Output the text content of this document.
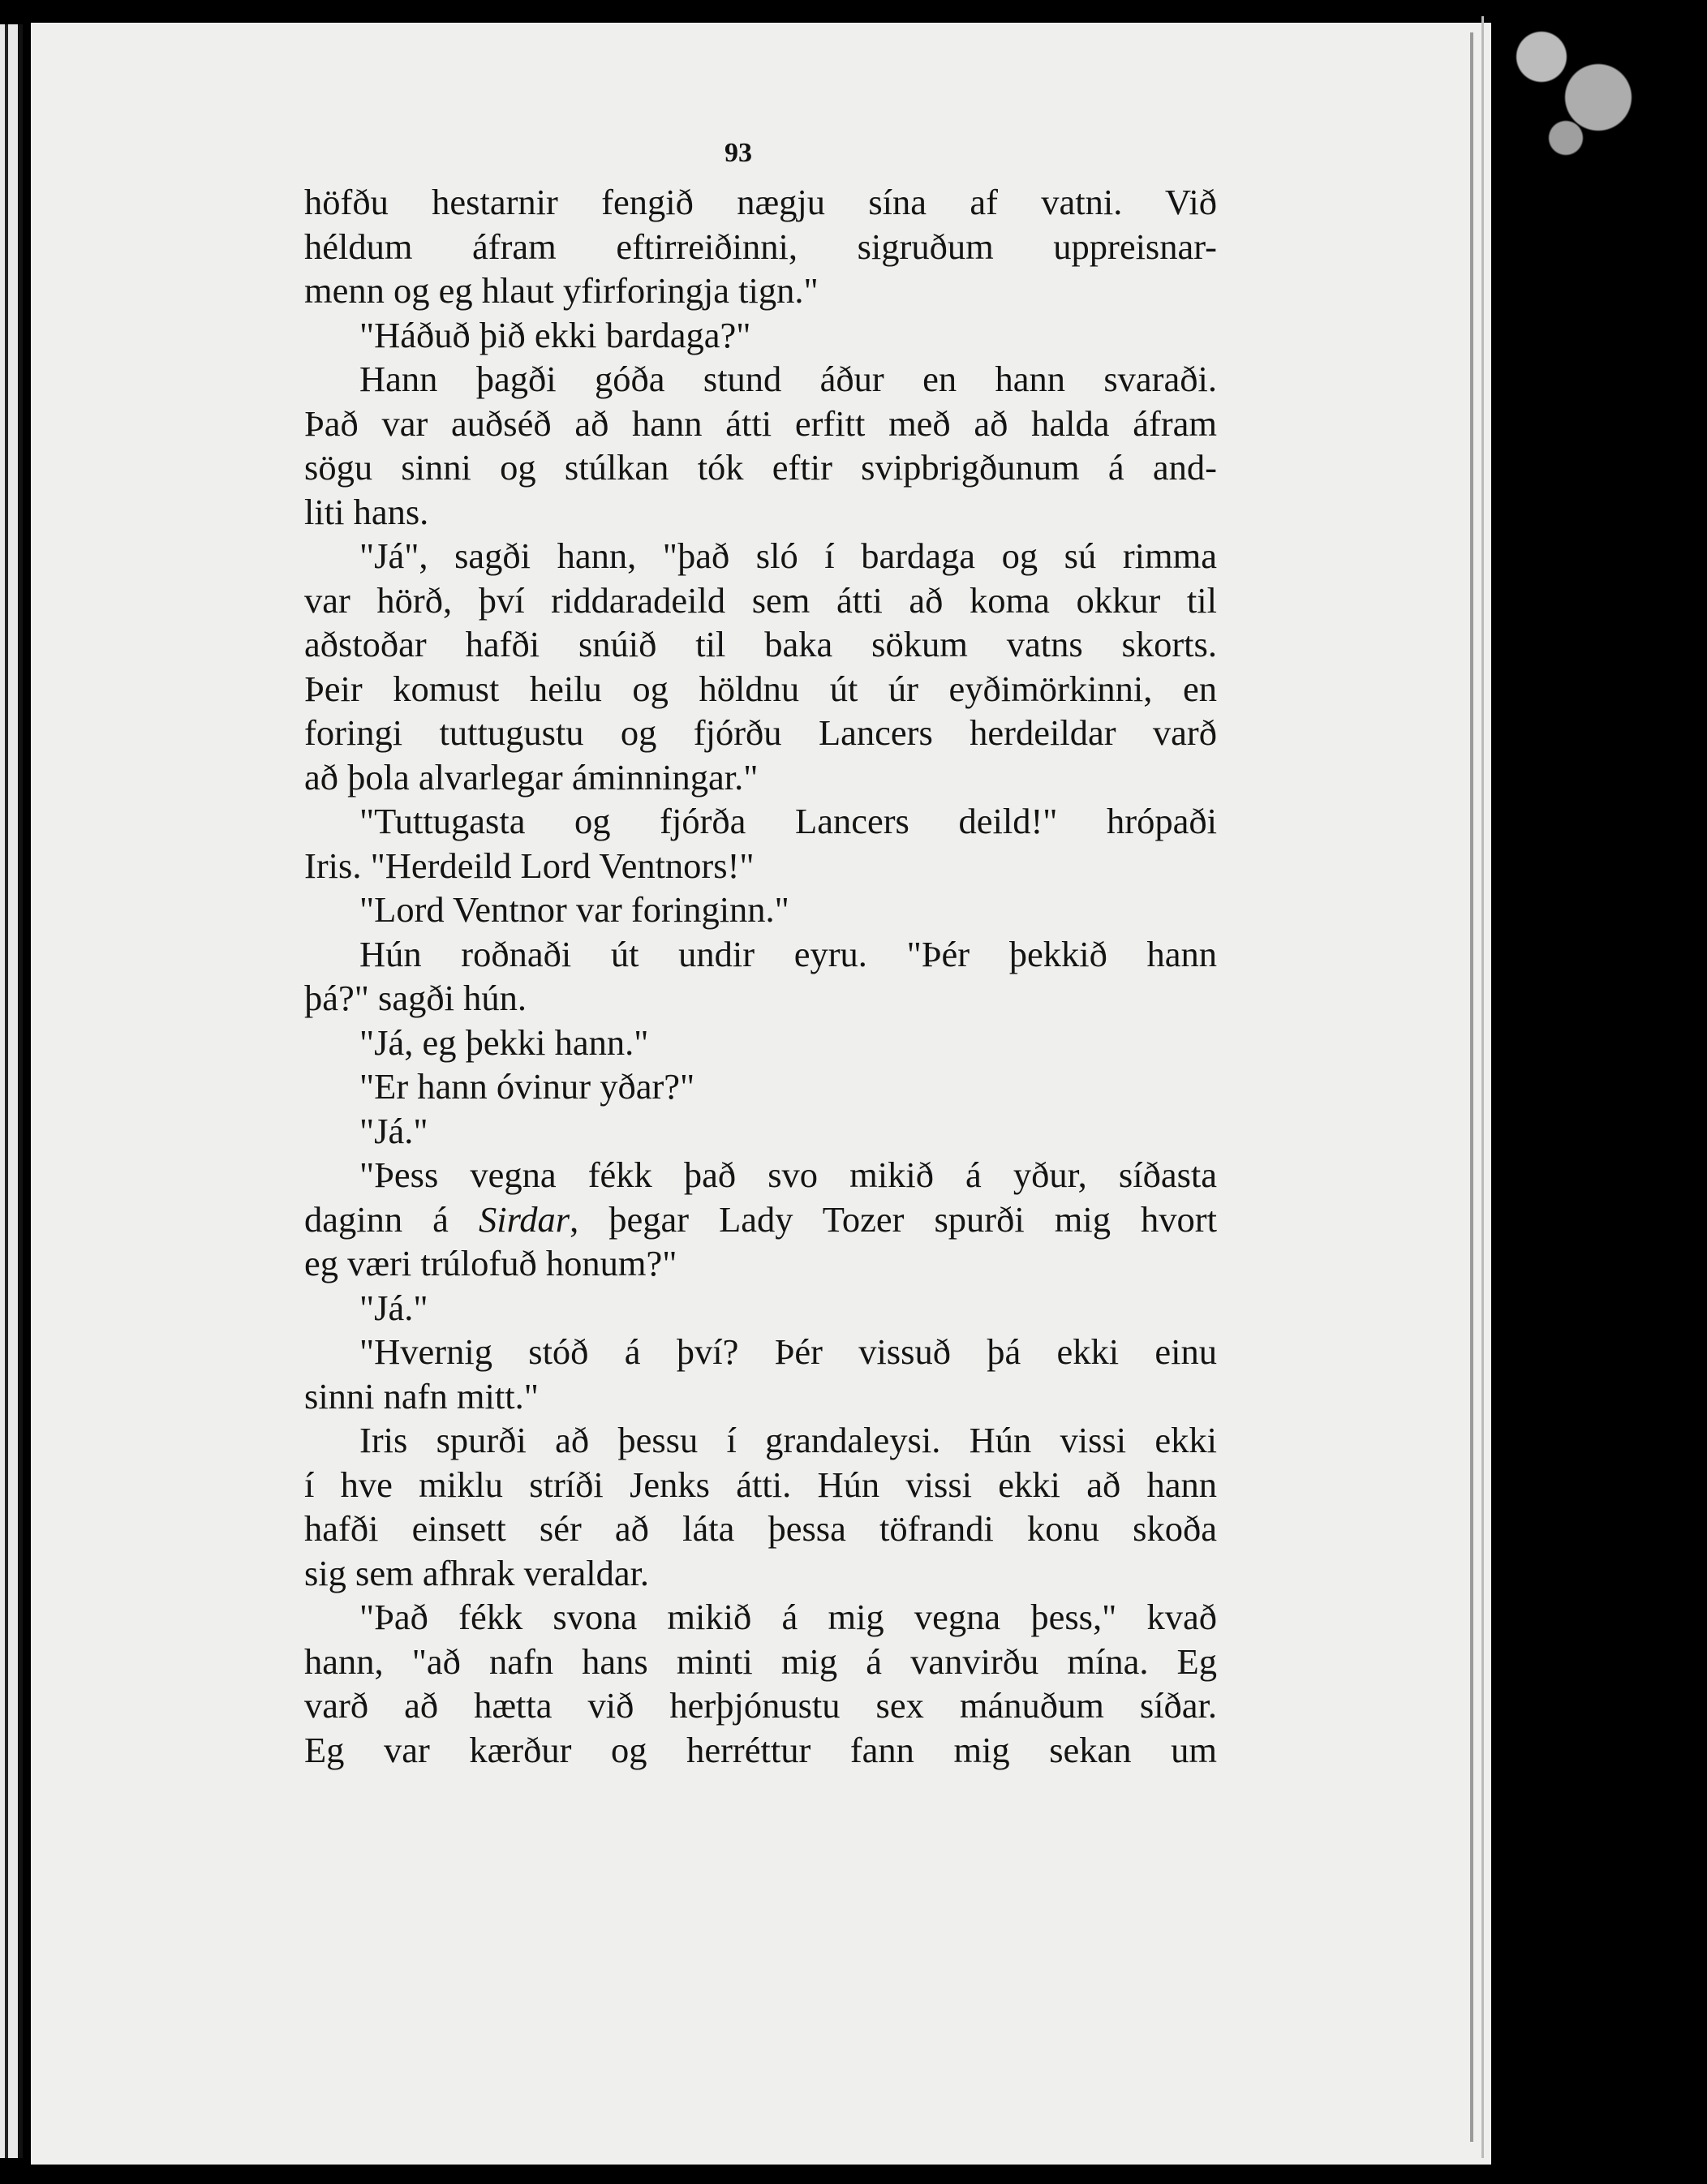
93
höfðu hestarnir fengið nægju sína af vatni. Við
héldum áfram eftirreiðinni, sigruðum uppreisnar-
menn og eg hlaut yfirforingja tign."
"Háðuð þið ekki bardaga?"
Hann þagði góða stund áður en hann svaraði.
Það var auðséð að hann átti erfitt með að halda áfram
sögu sinni og stúlkan tók eftir svipbrigðunum á and-
liti hans.
"Já", sagði hann, "það sló í bardaga og sú rimma
var hörð, því riddaradeild sem átti að koma okkur til
aðstoðar hafði snúið til baka sökum vatns skorts.
Þeir komust heilu og höldnu út úr eyðimörkinni, en
foringi tuttugustu og fjórðu Lancers herdeildar varð
að þola alvarlegar áminningar."
"Tuttugasta og fjórða Lancers deild!" hrópaði
Iris. "Herdeild Lord Ventnors!"
"Lord Ventnor var foringinn."
Hún roðnaði út undir eyru. "Þér þekkið hann
þá?" sagði hún.
"Já, eg þekki hann."
"Er hann óvinur yðar?"
"Já."
"Þess vegna fékk það svo mikið á yður, síðasta
daginn á Sirdar, þegar Lady Tozer spurði mig hvort
eg væri trúlofuð honum?"
"Já."
"Hvernig stóð á því? Þér vissuð þá ekki einu
sinni nafn mitt."
Iris spurði að þessu í grandaleysi. Hún vissi ekki
í hve miklu stríði Jenks átti. Hún vissi ekki að hann
hafði einsett sér að láta þessa töfrandi konu skoða
sig sem afhrak veraldar.
"Það fékk svona mikið á mig vegna þess," kvað
hann, "að nafn hans minti mig á vanvirðu mína. Eg
varð að hætta við herþjónustu sex mánuðum síðar.
Eg var kærður og herréttur fann mig sekan um
